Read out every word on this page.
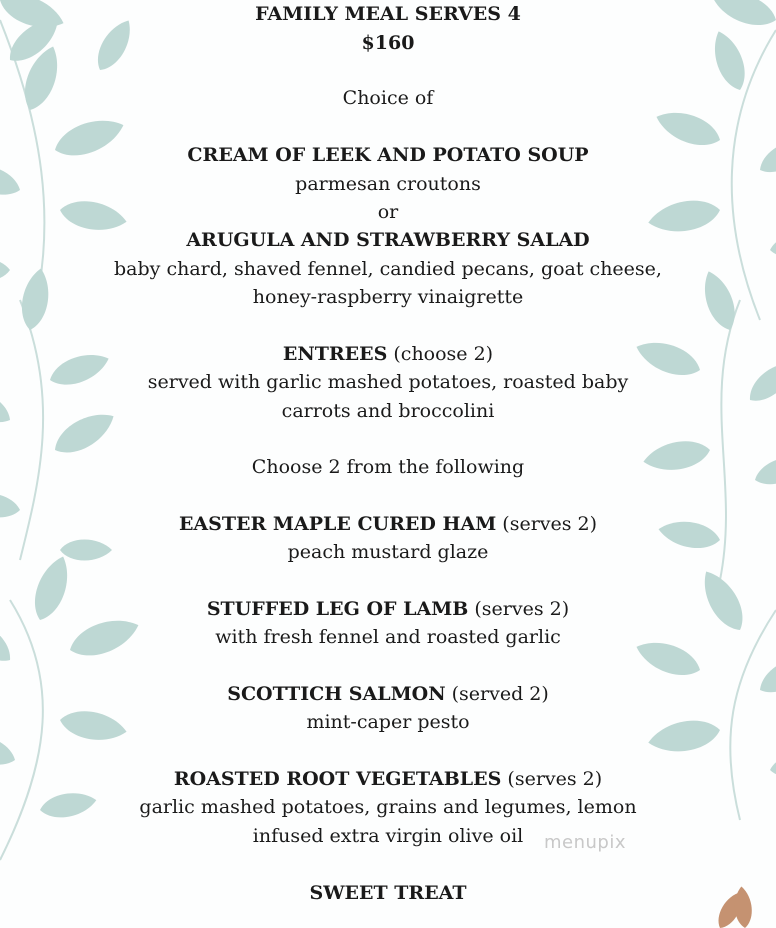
FAMILY MEAL SERVES 4
$160
Choice of
CREAM OF LEEK AND POTATO SOUP
parmesan croutons
or
ARUGULA AND STRAWBERRY SALAD
baby chard, shaved fennel, candied pecans, goat cheese,
honey-raspberry vinaigrette
ENTREES (choose 2)
served with garlic mashed potatoes, roasted baby
carrots and broccolini
Choose 2 from the following
EASTER MAPLE CURED HAM (serves 2)
peach mustard glaze
STUFFED LEG OF LAMB (serves 2)
with fresh fennel and roasted garlic
SCOTTICH SALMON (served 2)
mint-caper pesto
ROASTED ROOT VEGETABLES (serves 2)
garlic mashed potatoes, grains and legumes, lemon
infused extra virgin olive oil
SWEET TREAT
menupix
